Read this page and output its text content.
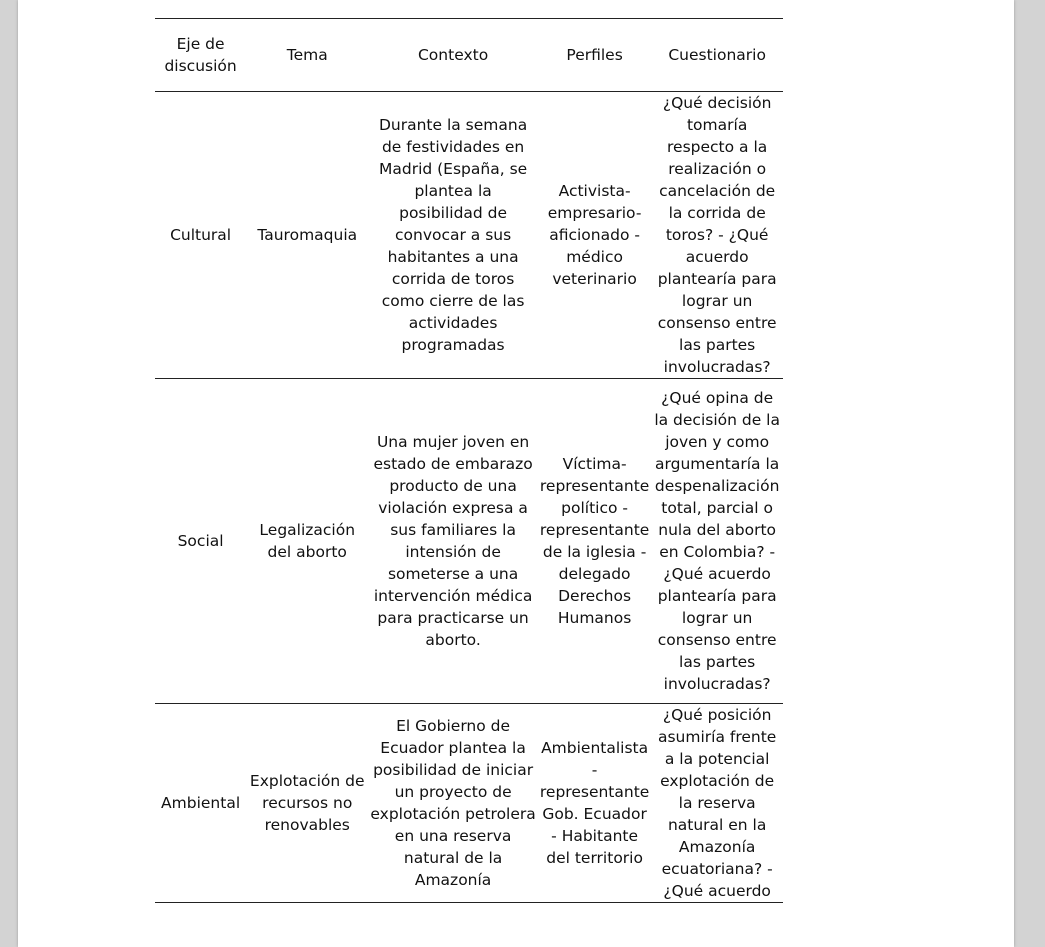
Eje de discusión	Tema	Contexto	Perfiles	Cuestionario
Cultural	Tauromaquia	Durante la semana de festividades en Madrid (España, se plantea la posibilidad de convocar a sus habitantes a una corrida de toros como cierre de las actividades programadas	Activista- empresario- aficionado - médico veterinario	¿Qué decisión tomaría respecto a la realización o cancelación de la corrida de toros? - ¿Qué acuerdo plantearía para lograr un consenso entre las partes involucradas?
Social	Legalización del aborto	Una mujer joven en estado de embarazo producto de una violación expresa a sus familiares la intensión de someterse a una intervención médica para practicarse un aborto.	Víctima- representante político - representante de la iglesia - delegado Derechos Humanos	¿Qué opina de la decisión de la joven y como argumentaría la despenalización total, parcial o nula del aborto en Colombia? - ¿Qué acuerdo plantearía para lograr un consenso entre las partes involucradas?
Ambiental	Explotación de recursos no renovables	El Gobierno de Ecuador plantea la posibilidad de iniciar un proyecto de explotación petrolera en una reserva natural de la Amazonía	Ambientalista - representante Gob. Ecuador - Habitante del territorio	¿Qué posición asumiría frente a la potencial explotación de la reserva natural en la Amazonía ecuatoriana? - ¿Qué acuerdo
